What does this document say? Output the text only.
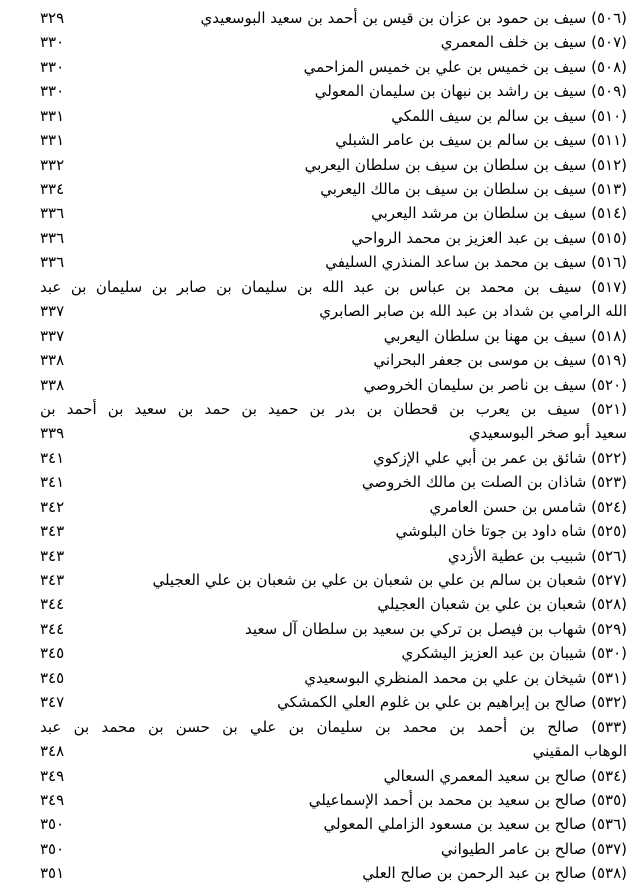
(٥٠٦) سيف بن حمود بن عزان بن قيس بن أحمد بن سعيد البوسعيدي
٣٢٩
(٥٠٧) سيف بن خلف المعمري
٣٣٠
(٥٠٨) سيف بن خميس بن علي بن خميس المزاحمي
٣٣٠
(٥٠٩) سيف بن راشد بن نبهان بن سليمان المعولي
٣٣٠
(٥١٠) سيف بن سالم بن سيف اللمكي
٣٣١
(٥١١) سيف بن سالم بن سيف بن عامر الشبلي
٣٣١
(٥١٢) سيف بن سلطان بن سيف بن سلطان اليعربي
٣٣٢
(٥١٣) سيف بن سلطان بن سيف بن مالك اليعربي
٣٣٤
(٥١٤) سيف بن سلطان بن مرشد اليعربي
٣٣٦
(٥١٥) سيف بن عبد العزيز بن محمد الرواحي
٣٣٦
(٥١٦) سيف بن محمد بن ساعد المنذري السليفي
٣٣٦
(٥١٧) سيف بن محمد بن عباس بن عبد الله بن سليمان بن صابر بن سليمان بن عبد
الله الرامي بن شداد بن عبد الله بن صابر الصابري
٣٣٧
(٥١٨) سيف بن مهنا بن سلطان اليعربي
٣٣٧
(٥١٩) سيف بن موسى بن جعفر البحراني
٣٣٨
(٥٢٠) سيف بن ناصر بن سليمان الخروصي
٣٣٨
(٥٢١) سيف بن يعرب بن قحطان بن بدر بن حميد بن حمد بن سعيد بن أحمد بن
سعيد أبو صخر البوسعيدي
٣٣٩
(٥٢٢) شائق بن عمر بن أبي علي الإزكوي
٣٤١
(٥٢٣) شاذان بن الصلت بن مالك الخروصي
٣٤١
(٥٢٤) شامس بن حسن العامري
٣٤٢
(٥٢٥) شاه داود بن جوتا خان البلوشي
٣٤٣
(٥٢٦) شبيب بن عطية الأزدي
٣٤٣
(٥٢٧) شعبان بن سالم بن علي بن شعبان بن علي بن شعبان بن علي العجيلي
٣٤٣
(٥٢٨) شعبان بن علي بن شعبان العجيلي
٣٤٤
(٥٢٩) شهاب بن فيصل بن تركي بن سعيد بن سلطان آل سعيد
٣٤٤
(٥٣٠) شيبان بن عبد العزيز اليشكري
٣٤٥
(٥٣١) شيخان بن علي بن محمد المنظري البوسعيدي
٣٤٥
(٥٣٢) صالح بن إبراهيم بن علي بن غلوم العلي الكمشكي
٣٤٧
(٥٣٣) صالح بن أحمد بن محمد بن سليمان بن علي بن حسن بن محمد بن عبد
الوهاب المقيني
٣٤٨
(٥٣٤) صالح بن سعيد المعمري السعالي
٣٤٩
(٥٣٥) صالح بن سعيد بن محمد بن أحمد الإسماعيلي
٣٤٩
(٥٣٦) صالح بن سعيد بن مسعود الزاملي المعولي
٣٥٠
(٥٣٧) صالح بن عامر الطيواني
٣٥٠
(٥٣٨) صالح بن عبد الرحمن بن صالح العلي
٣٥١
